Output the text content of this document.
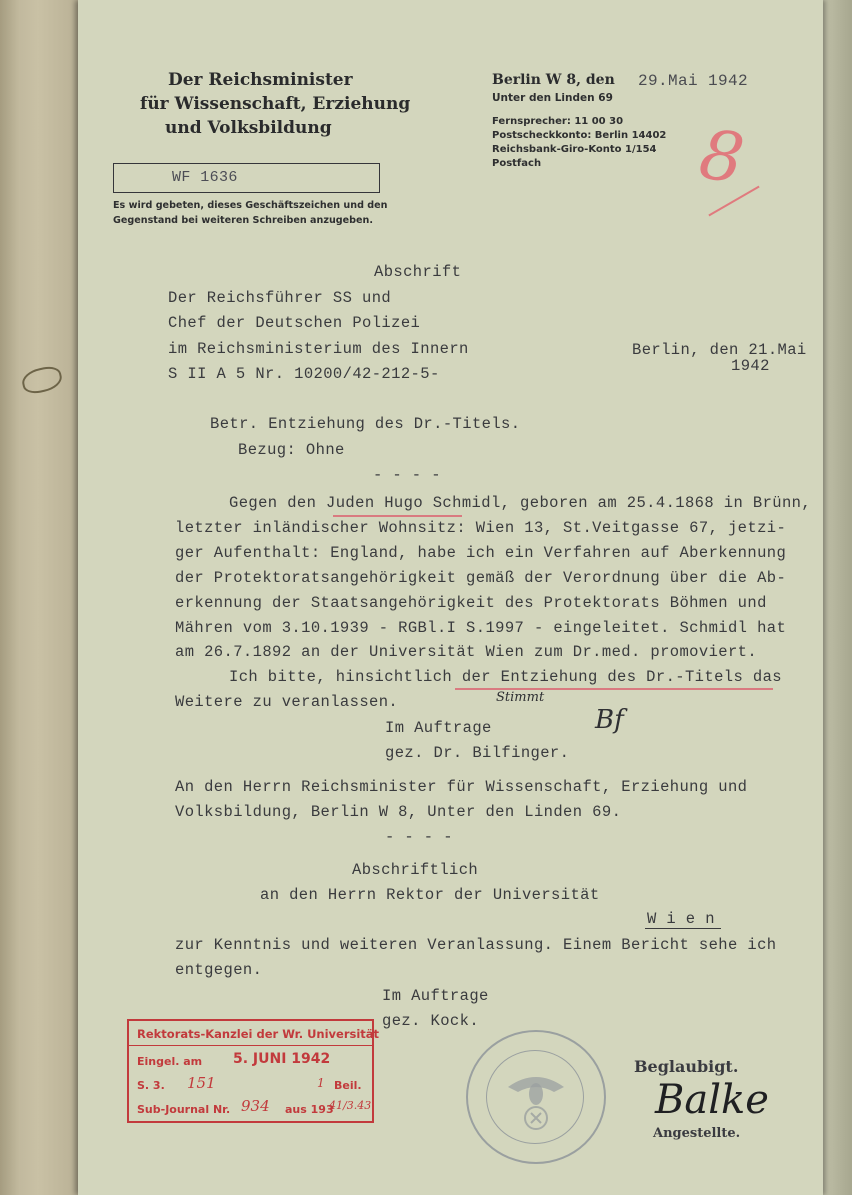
Der Reichsminister
für Wissenschaft, Erziehung
und Volksbildung
Berlin W 8, den
Unter den Linden 69
Fernsprecher: 11 00 30
Postscheckkonto: Berlin 14402
Reichsbank-Giro-Konto 1/154
Postfach
29.Mai 1942
8
WF 1636
Es wird gebeten, dieses Geschäftszeichen und den
Gegenstand bei weiteren Schreiben anzugeben.
Abschrift
Der Reichsführer SS und
Chef der Deutschen Polizei
im Reichsministerium des Innern
S II A 5 Nr. 10200/42-212-5-
Berlin, den 21.Mai
1942
Betr. Entziehung des Dr.-Titels.
Bezug: Ohne
- - - -
Gegen den Juden Hugo Schmidl, geboren am 25.4.1868 in Brünn,
letzter inländischer Wohnsitz: Wien 13, St.Veitgasse 67, jetzi-
ger Aufenthalt: England, habe ich ein Verfahren auf Aberkennung
der Protektoratsangehörigkeit gemäß der Verordnung über die Ab-
erkennung der Staatsangehörigkeit des Protektorats Böhmen und
Mähren vom 3.10.1939 - RGBl.I S.1997 - eingeleitet. Schmidl hat
am 26.7.1892 an der Universität Wien zum Dr.med. promoviert.
Ich bitte, hinsichtlich der Entziehung des Dr.-Titels das
Weitere zu veranlassen.	Stimmt
Bf
Im Auftrage
gez. Dr. Bilfinger.
An den Herrn Reichsminister für Wissenschaft, Erziehung und
Volksbildung, Berlin W 8, Unter den Linden 69.
- - - -
Abschriftlich
an den Herrn Rektor der Universität
W i e n
zur Kenntnis und weiteren Veranlassung. Einem Bericht sehe ich
entgegen.
Im Auftrage
gez. Kock.
Rektorats-Kanzlei der Wr. Universität
Eingel. am	5. JUNI 1942
S. 3.	151	1 Beil.
Sub-Journal Nr. 934	aus 193
41/3.43
Beglaubigt.
Balke
Angestellte.
